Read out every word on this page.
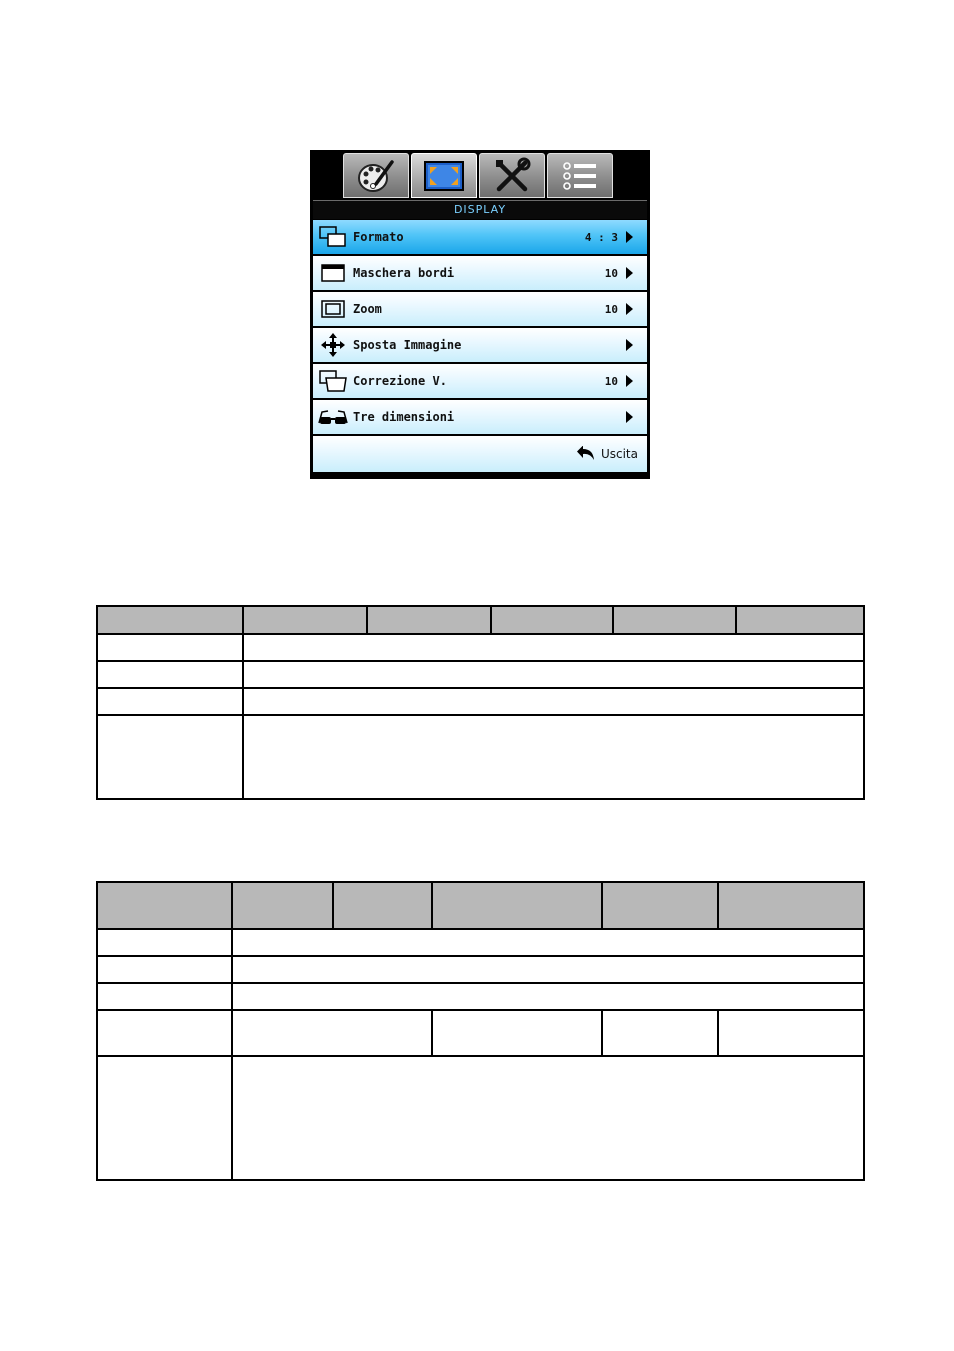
DISPLAY
Formato	4 : 3
Maschera bordi	10
Zoom	10
Sposta Immagine
Correzione V.	10
Tre dimensioni
Uscita
